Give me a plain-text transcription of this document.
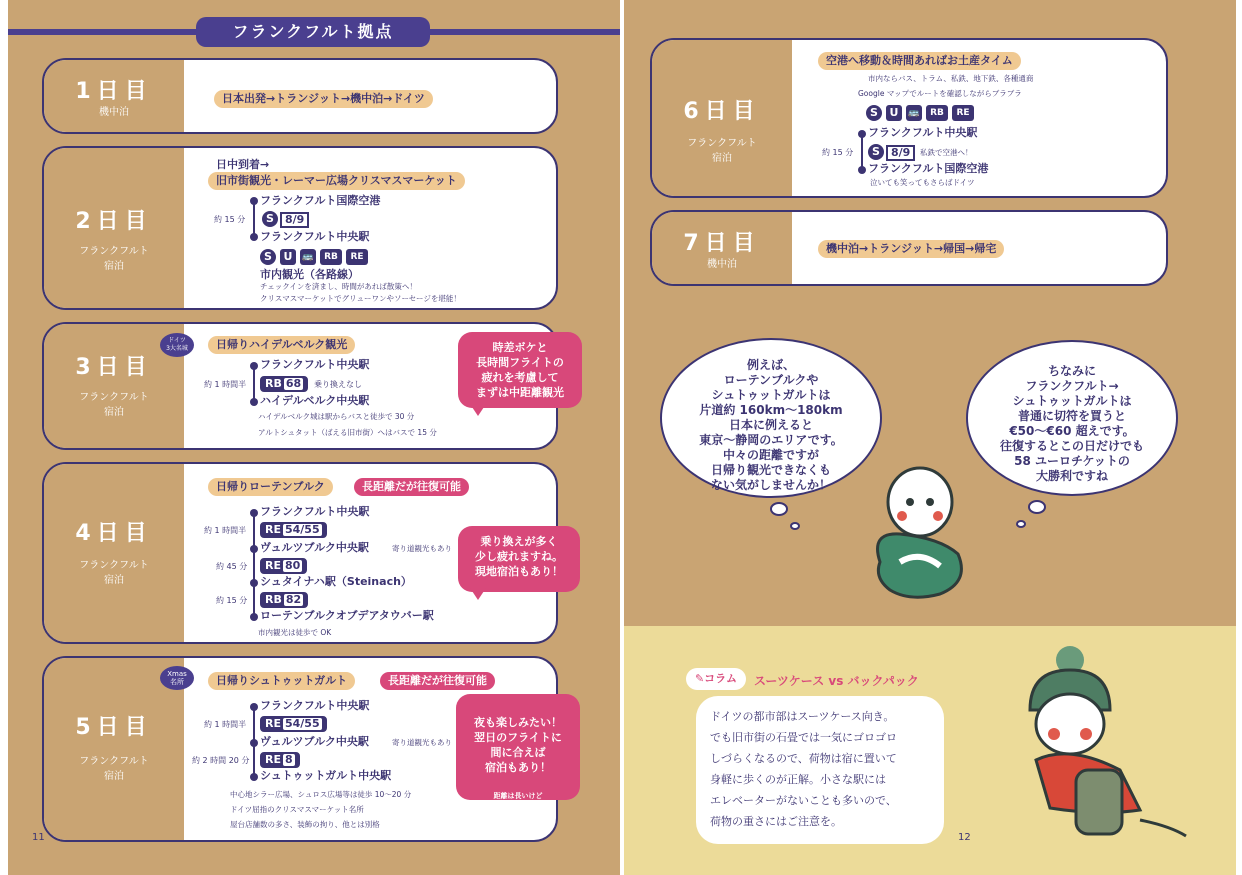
フランクフルト拠点
1日目
機中泊
日本出発→トランジット→機中泊→ドイツ
2日目
フランクフルト
宿泊
日中到着→
旧市街観光・レーマー広場クリスマスマーケット
フランクフルト国際空港
約 15 分	S	8/9
フランクフルト中央駅
S	U	🚌	RB	RE
市内観光（各路線）
チェックインを済まし、時間があれば散策へ！
クリスマスマーケットでグリューワンやソーセージを堪能！
3日目
フランクフルト
宿泊
日帰りハイデルベルク観光
フランクフルト中央駅
約 1 時間半	RB 68	乗り換えなし
ハイデルベルク中央駅
ハイデルベルク城は駅からバスと徒歩で 30 分
アルトシュタット（ばえる旧市街）へはバスで 15 分
ドイツ
3大名城	時差ボケと
長時間フライトの
疲れを考慮して
まずは中距離観光
4日目
フランクフルト
宿泊
日帰りローテンブルク	長距離だが往復可能
フランクフルト中央駅
約 1 時間半	RE 54/55
ヴュルツブルク中央駅	寄り道観光もあり
約 45 分	RE 80
シュタイナハ駅（Steinach）
約 15 分	RB 82
ローテンブルクオブデアタウバー駅
市内観光は徒歩で OK
乗り換えが多く
少し疲れますね。
現地宿泊もあり！
5日目
フランクフルト
宿泊
日帰りシュトゥットガルト	長距離だが往復可能
フランクフルト中央駅
約 1 時間半	RE 54/55
ヴュルツブルク中央駅	寄り道観光もあり
約 2 時間 20 分	RE 8
シュトゥットガルト中央駅
中心地シラー広場、シュロス広場等は徒歩 10〜20 分
ドイツ屈指のクリスマスマーケット名所
屋台店舗数の多さ、装飾の拘り、他とは別格
Xmas
名所

夜も楽しみたい！
翌日のフライトに
間に合えば
宿泊もあり！

距離は長いけど
ルートはシンプルだし
使も乗り継ぎです

11
6日目
フランクフルト
宿泊
空港へ移動＆時間あればお土産タイム
市内ならバス、トラム、私鉄、地下鉄、各種通商
Google マップでルートを確認しながらブラブラ
S	U	🚌	RB	RE
フランクフルト中央駅
約 15 分	S	8/9	私鉄で空港へ！
フランクフルト国際空港
泣いても笑ってもさらばドイツ
7日目
機中泊
機中泊→トランジット→帰国→帰宅
例えば、
ローテンブルクや
シュトゥットガルトは
片道約 160km〜180km
日本に例えると
東京〜静岡のエリアです。
中々の距離ですが
日帰り観光できなくも
ない気がしませんか！
ちなみに
フランクフルト→
シュトゥットガルトは
普通に切符を買うと
€50〜€60 超えです。
往復するとこの日だけでも
58 ユーロチケットの
大勝利ですね
✎コラム	スーツケース vs バックパック
ドイツの都市部はスーツケース向き。
でも旧市街の石畳では一気にゴロゴロ
しづらくなるので、荷物は宿に置いて
身軽に歩くのが正解。小さな駅には
エレベーターがないことも多いので、
荷物の重さにはご注意を。
12
